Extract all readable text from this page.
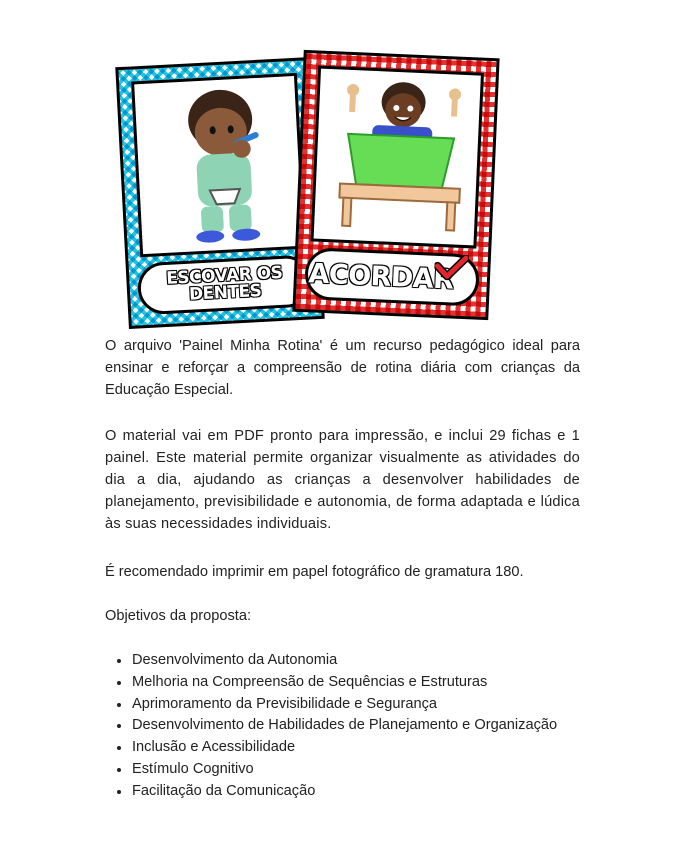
ESCOVAR OS
DENTES	ACORDAR

O arquivo 'Painel Minha Rotina' é um recurso pedagógico ideal para ensinar e reforçar a compreensão de rotina diária com crianças da Educação Especial.

O material vai em PDF pronto para impressão, e inclui 29 fichas e 1 painel. Este material permite organizar visualmente as atividades do dia a dia, ajudando as crianças a desenvolver habilidades de planejamento, previsibilidade e autonomia, de forma adaptada e lúdica às suas necessidades individuais.

É recomendado imprimir em papel fotográfico de gramatura 180.

Objetivos da proposta:

Desenvolvimento da Autonomia
Melhoria na Compreensão de Sequências e Estruturas
Aprimoramento da Previsibilidade e Segurança
Desenvolvimento de Habilidades de Planejamento e Organização
Inclusão e Acessibilidade
Estímulo Cognitivo
Facilitação da Comunicação
